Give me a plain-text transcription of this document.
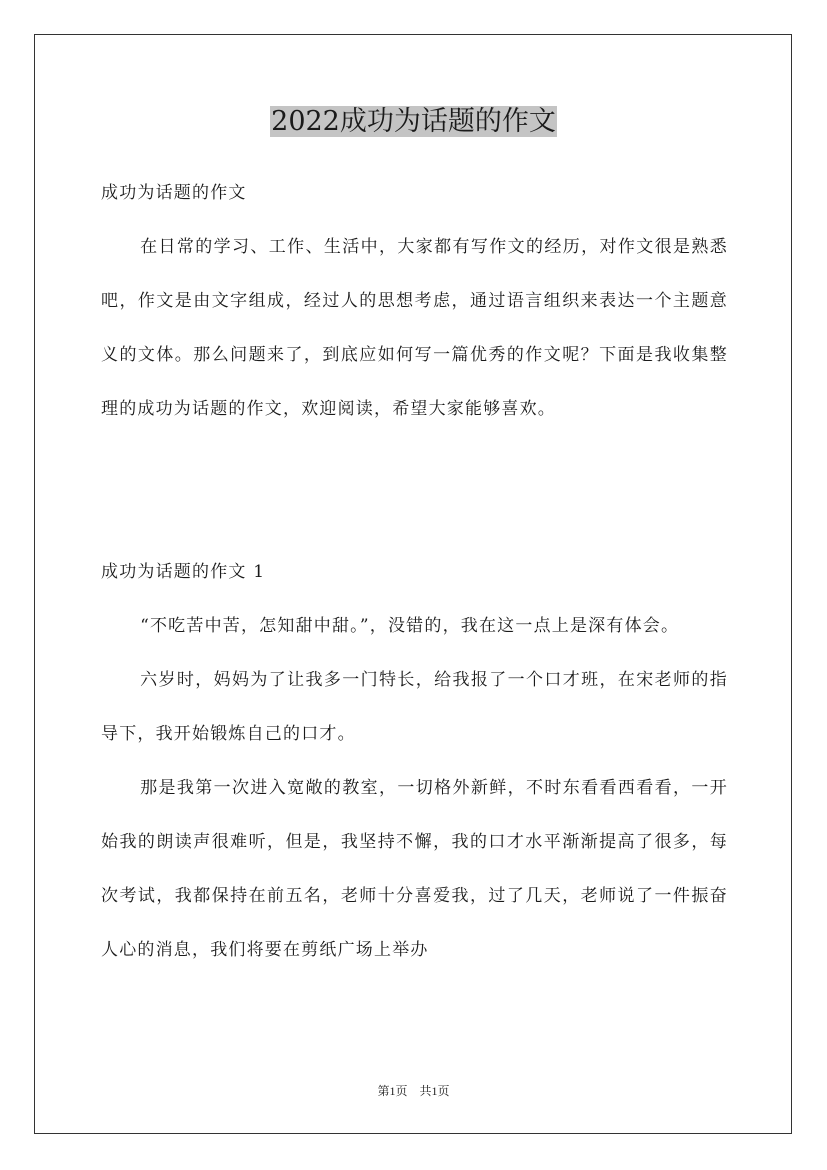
2022成功为话题的作文

成功为话题的作文

在日常的学习、工作、生活中，大家都有写作文的经历，对作文很是熟悉吧，作文是由文字组成，经过人的思想考虑，通过语言组织来表达一个主题意义的文体。那么问题来了，到底应如何写一篇优秀的作文呢？下面是我收集整理的成功为话题的作文，欢迎阅读，希望大家能够喜欢。

成功为话题的作文 1

“不吃苦中苦，怎知甜中甜。”，没错的，我在这一点上是深有体会。

六岁时，妈妈为了让我多一门特长，给我报了一个口才班，在宋老师的指导下，我开始锻炼自己的口才。

那是我第一次进入宽敞的教室，一切格外新鲜，不时东看看西看看，一开始我的朗读声很难听，但是，我坚持不懈，我的口才水平渐渐提高了很多，每次考试，我都保持在前五名，老师十分喜爱我，过了几天，老师说了一件振奋人心的消息，我们将要在剪纸广场上举办

第1页 共1页
